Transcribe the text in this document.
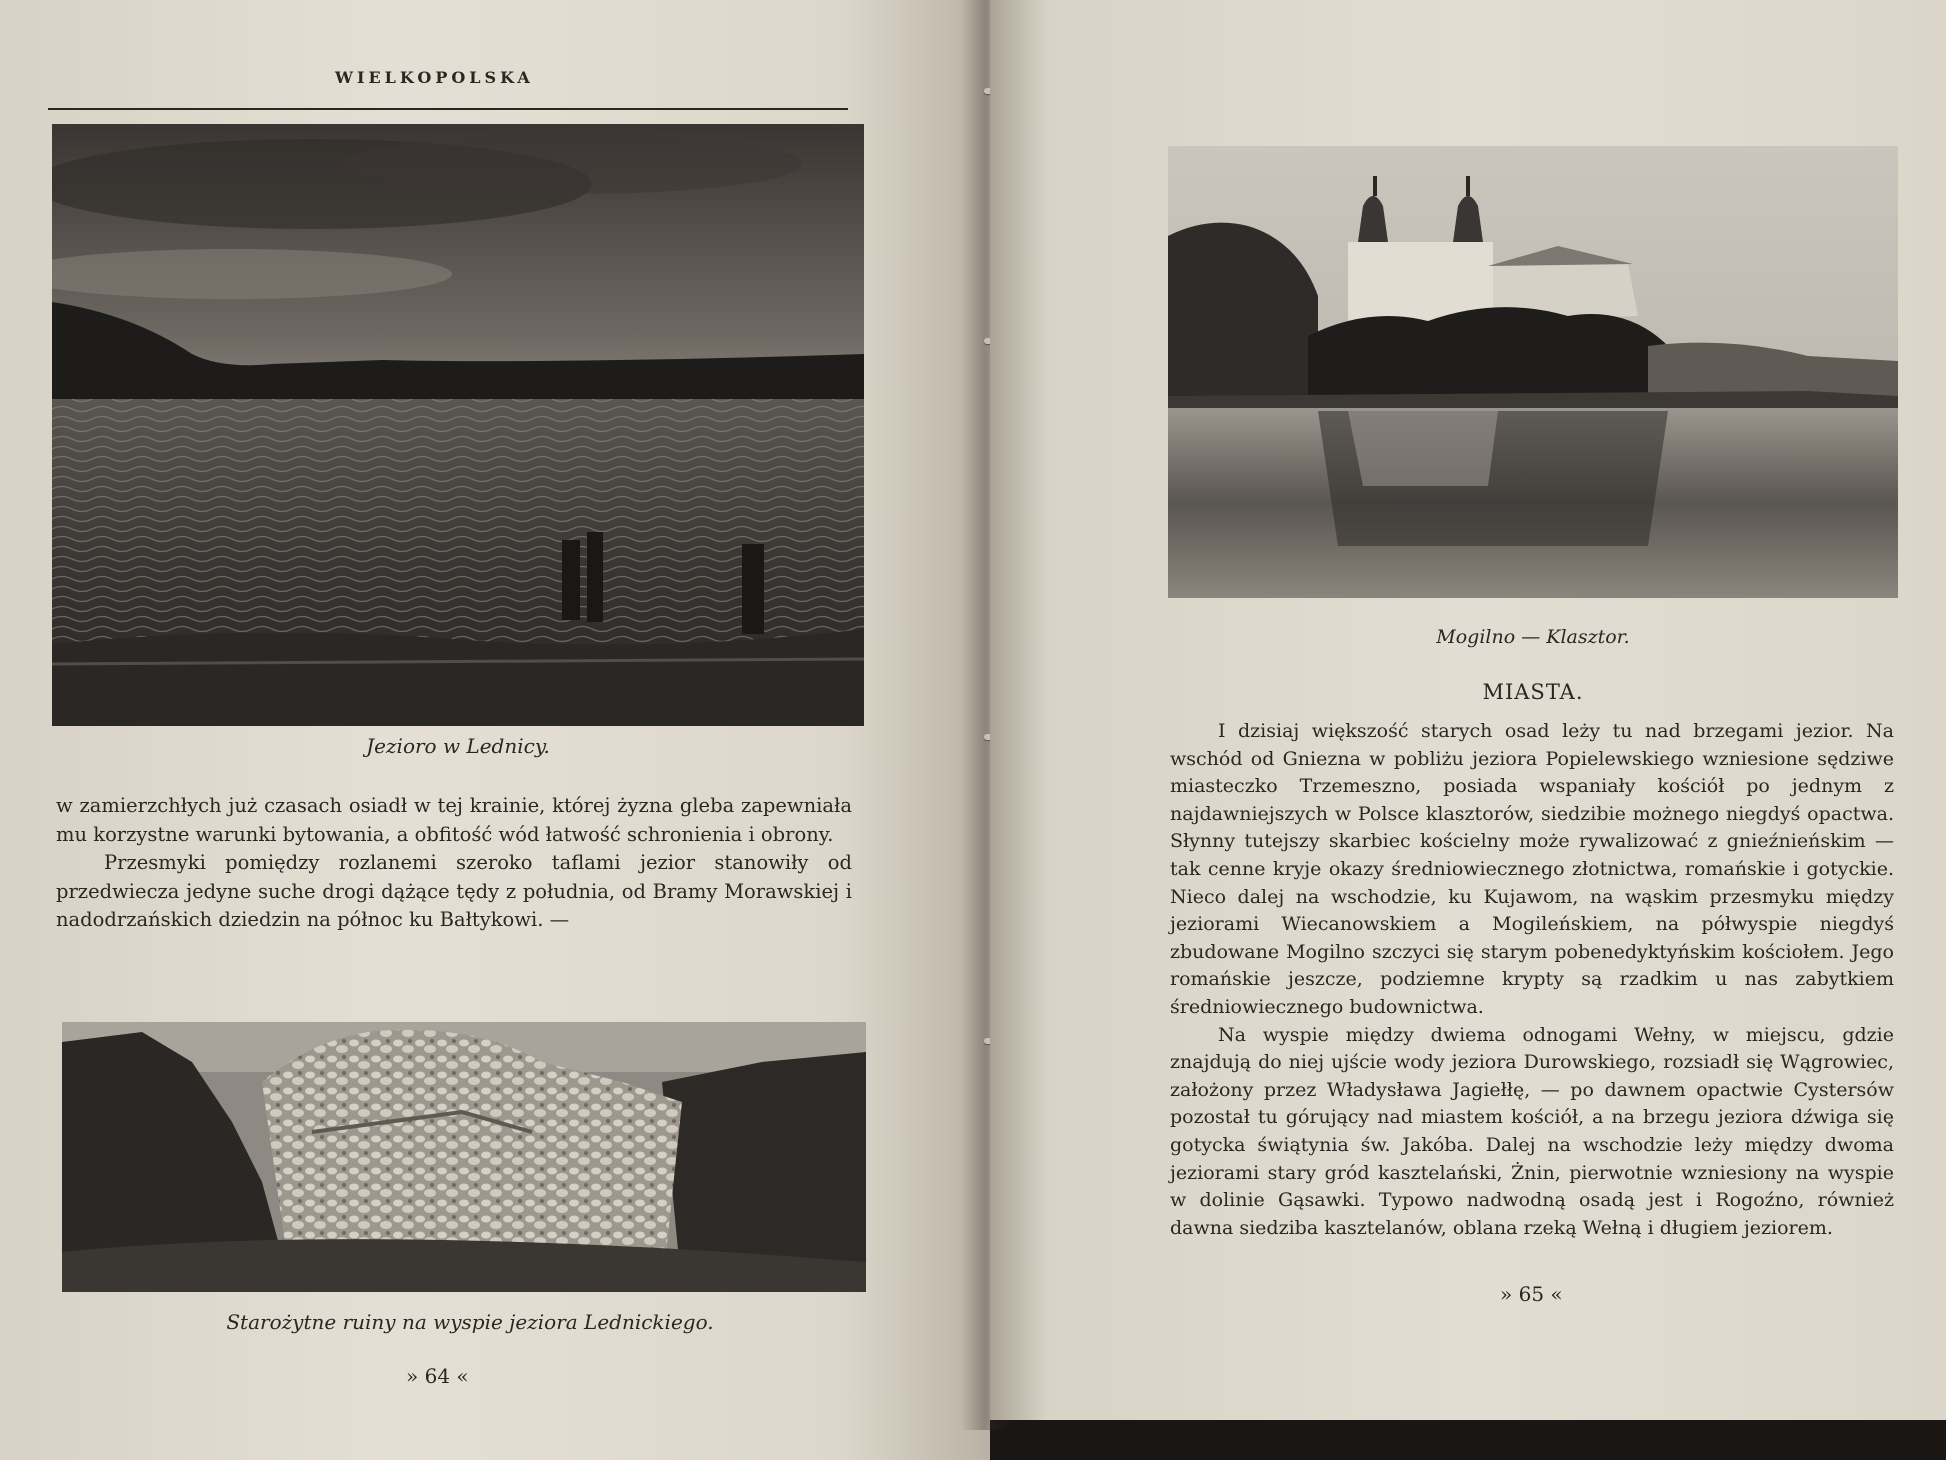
WIELKOPOLSKA
Jezioro w Lednicy.

w zamierzchłych już czasach osiadł w tej krainie, której żyzna gleba zapewniała mu korzystne warunki bytowania, a obfitość wód łatwość schronienia i obrony.

Przesmyki pomiędzy rozlanemi szeroko taflami jezior stanowiły od przedwiecza jedyne suche drogi dążące tędy z południa, od Bramy Morawskiej i nadodrzańskich dziedzin na północ ku Bałtykowi. —

Starożytne ruiny na wyspie jeziora Lednickiego.
» 64 «
Mogilno — Klasztor.
MIASTA.

I dzisiaj większość starych osad leży tu nad brzegami jezior. Na wschód od Gniezna w pobliżu jeziora Popielewskiego wzniesione sędziwe miasteczko Trzemeszno, posiada wspaniały kościół po jednym z najdawniejszych w Polsce klasztorów, siedzibie możnego niegdyś opactwa. Słynny tutejszy skarbiec kościelny może rywalizować z gnieźnieńskim — tak cenne kryje okazy średniowiecznego złotnictwa, romańskie i gotyckie. Nieco dalej na wschodzie, ku Kujawom, na wąskim przesmyku między jeziorami Wiecanowskiem a Mogileńskiem, na półwyspie niegdyś zbudowane Mogilno szczyci się starym pobenedyktyńskim kościołem. Jego romańskie jeszcze, podziemne krypty są rzadkim u nas zabytkiem średniowiecznego budownictwa.

Na wyspie między dwiema odnogami Wełny, w miejscu, gdzie znajdują do niej ujście wody jeziora Durowskiego, rozsiadł się Wągrowiec, założony przez Władysława Jagiełłę, — po dawnem opactwie Cystersów pozostał tu górujący nad miastem kościół, a na brzegu jeziora dźwiga się gotycka świątynia św. Jakóba. Dalej na wschodzie leży między dwoma jeziorami stary gród kasztelański, Żnin, pierwotnie wzniesiony na wyspie w dolinie Gąsawki. Typowo nadwodną osadą jest i Rogoźno, również dawna siedziba kasztelanów, oblana rzeką Wełną i długiem jeziorem.

» 65 «
